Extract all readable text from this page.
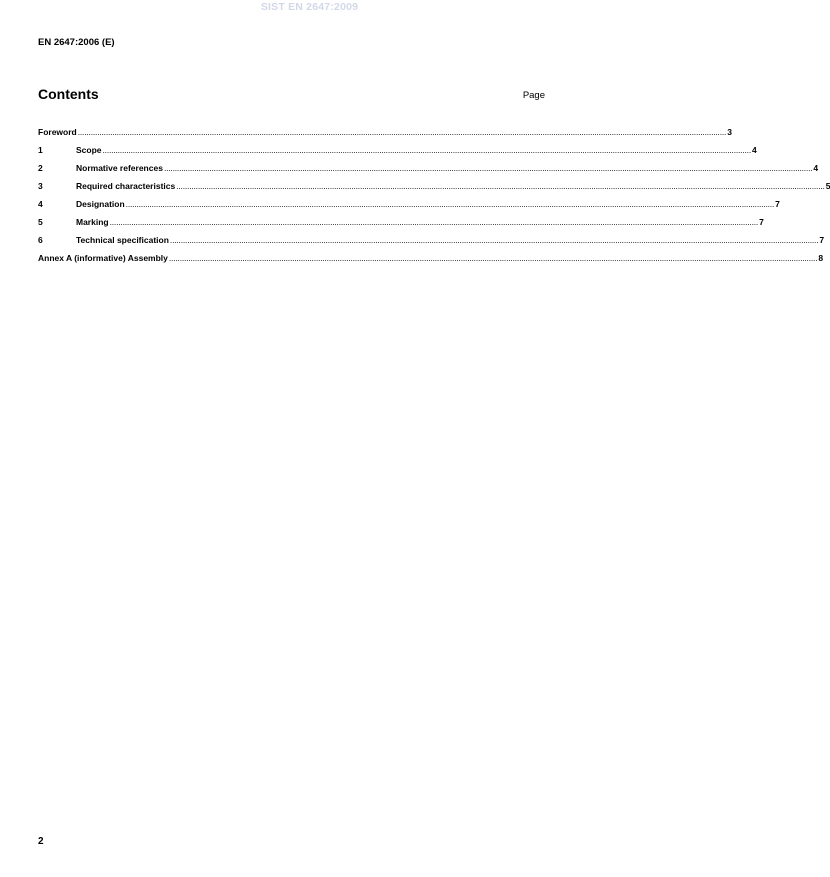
SIST EN 2647:2009
EN 2647:2006 (E)
Contents	Page
Foreword ............................................................................................................................................................................................................................................................................................................ 3
1	Scope ............................................................................................................................................................................................................................................................................................................ 4
2	Normative references ............................................................................................................................................................................................................................................................................................................ 4
3	Required characteristics ............................................................................................................................................................................................................................................................................................................ 5
4	Designation ............................................................................................................................................................................................................................................................................................................ 7
5	Marking ............................................................................................................................................................................................................................................................................................................ 7
6	Technical specification ............................................................................................................................................................................................................................................................................................................ 7
Annex A (informative) Assembly ............................................................................................................................................................................................................................................................................................................ 8
2
